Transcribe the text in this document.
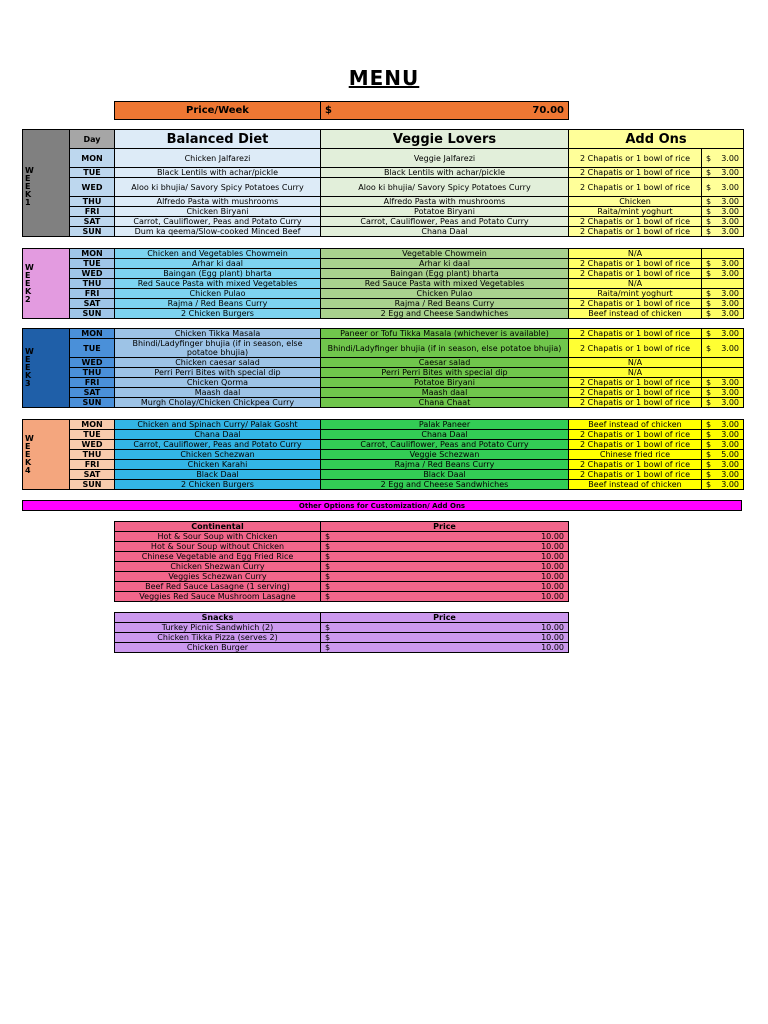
MENU
Price/Week	$	70.00
W E E K 1	Day	Balanced Diet	Veggie Lovers	Add Ons	
	MON	Chicken Jalfarezi	Veggie Jalfarezi	2 Chapatis or 1 bowl of rice	$ 3.00

	TUE	Black Lentils with achar/pickle	Black Lentils with achar/pickle	2 Chapatis or 1 bowl of rice	$ 3.00

	WED	Aloo ki bhujia/ Savory Spicy Potatoes Curry	Aloo ki bhujia/ Savory Spicy Potatoes Curry	2 Chapatis or 1 bowl of rice	$ 3.00

	THU	Alfredo Pasta with mushrooms	Alfredo Pasta with mushrooms	Chicken	$ 3.00

	FRI	Chicken Biryani	Potatoe Biryani	Raita/mint yoghurt	$ 3.00

	SAT	Carrot, Cauliflower, Peas and Potato Curry	Carrot, Cauliflower, Peas and Potato Curry	2 Chapatis or 1 bowl of rice	$ 3.00

	SUN	Dum ka qeema/Slow-cooked Minced Beef	Chana Daal	2 Chapatis or 1 bowl of rice	$ 3.00
W E E K 2	MON	Chicken and Vegetables Chowmein	Vegetable Chowmein	N/A	

	TUE	Arhar ki daal	Arhar ki daal	2 Chapatis or 1 bowl of rice	$ 3.00

	WED	Baingan (Egg plant) bharta	Baingan (Egg plant) bharta	2 Chapatis or 1 bowl of rice	$ 3.00

	THU	Red Sauce Pasta with mixed Vegetables	Red Sauce Pasta with mixed Vegetables	N/A	

	FRI	Chicken Pulao	Chicken Pulao	Raita/mint yoghurt	$ 3.00

	SAT	Rajma / Red Beans Curry	Rajma / Red Beans Curry	2 Chapatis or 1 bowl of rice	$ 3.00

	SUN	2 Chicken Burgers	2 Egg and Cheese Sandwhiches	Beef instead of chicken	$ 3.00
W E E K 3	MON	Chicken Tikka Masala	Paneer or Tofu Tikka Masala (whichever is available)	2 Chapatis or 1 bowl of rice	$ 3.00

	TUE	Bhindi/Ladyfinger bhujia (if in season, else potatoe bhujia)	Bhindi/Ladyfinger bhujia (if in season, else potatoe bhujia)	2 Chapatis or 1 bowl of rice	$ 3.00

	WED	Chicken caesar salad	Caesar salad	N/A	

	THU	Perri Perri Bites with special dip	Perri Perri Bites with special dip	N/A	

	FRI	Chicken Qorma	Potatoe Biryani	2 Chapatis or 1 bowl of rice	$ 3.00

	SAT	Maash daal	Maash daal	2 Chapatis or 1 bowl of rice	$ 3.00

	SUN	Murgh Cholay/Chicken Chickpea Curry	Chana Chaat	2 Chapatis or 1 bowl of rice	$ 3.00
W E E K 4	MON	Chicken and Spinach Curry/ Palak Gosht	Palak Paneer	Beef instead of chicken	$ 3.00

	TUE	Chana Daal	Chana Daal	2 Chapatis or 1 bowl of rice	$ 3.00

	WED	Carrot, Cauliflower, Peas and Potato Curry	Carrot, Cauliflower, Peas and Potato Curry	2 Chapatis or 1 bowl of rice	$ 3.00

	THU	Chicken Schezwan	Veggie Schezwan	Chinese fried rice	$ 5.00

	FRI	Chicken Karahi	Rajma / Red Beans Curry	2 Chapatis or 1 bowl of rice	$ 3.00

	SAT	Black Daal	Black Daal	2 Chapatis or 1 bowl of rice	$ 3.00

	SUN	2 Chicken Burgers	2 Egg and Cheese Sandwhiches	Beef instead of chicken	$ 3.00
Other Options for Customization/ Add Ons
Continental	Price
Hot & Sour Soup with Chicken	$ 10.00

Hot & Sour Soup without Chicken	$ 10.00

Chinese Vegetable and Egg Fried Rice	$ 10.00

Chicken Shezwan Curry	$ 10.00

Veggies Schezwan Curry	$ 10.00

Beef Red Sauce Lasagne (1 serving)	$ 10.00

Veggies Red Sauce Mushroom Lasagne	$ 10.00
Snacks	Price
Turkey Picnic Sandwhich (2)	$ 10.00

Chicken Tikka Pizza (serves 2)	$ 10.00

Chicken Burger	$ 10.00
